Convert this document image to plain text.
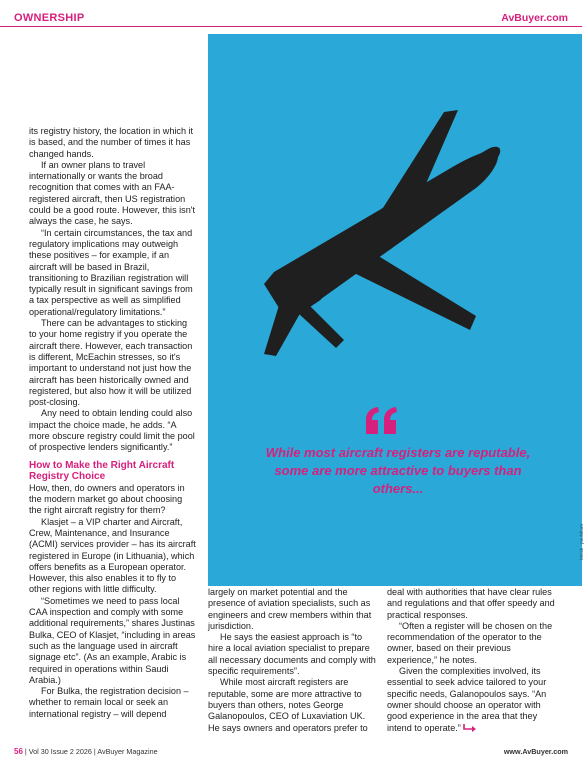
OWNERSHIP	AvBuyer.com
While most aircraft registers are reputable, some are more attractive to buyers than others...
iStock - paulsburn

its registry history, the location in which it is based, and the number of times it has changed hands.

If an owner plans to travel internationally or wants the broad recognition that comes with an FAA-registered aircraft, then US registration could be a good route. However, this isn't always the case, he says.

“In certain circumstances, the tax and regulatory implications may outweigh these positives – for example, if an aircraft will be based in Brazil, transitioning to Brazilian registration will typically result in significant savings from a tax perspective as well as simplified operational/regulatory limitations.”

There can be advantages to sticking to your home registry if you operate the aircraft there. However, each transaction is different, McEachin stresses, so it's important to understand not just how the aircraft has been historically owned and registered, but also how it will be utilized post-closing.

Any need to obtain lending could also impact the choice made, he adds. “A more obscure registry could limit the pool of prospective lenders significantly.”

How to Make the Right Aircraft Registry Choice

How, then, do owners and operators in the modern market go about choosing the right aircraft registry for them?

Klasjet – a VIP charter and Aircraft, Crew, Maintenance, and Insurance (ACMI) services provider – has its aircraft registered in Europe (in Lithuania), which offers benefits as a European operator. However, this also enables it to fly to other regions with little difficulty.

“Sometimes we need to pass local CAA inspection and comply with some additional requirements,” shares Justinas Bulka, CEO of Klasjet, “including in areas such as the language used in aircraft signage etc”. (As an example, Arabic is required in operations within Saudi Arabia.)

For Bulka, the registration decision – whether to remain local or seek an international registry – will depend

largely on market potential and the presence of aviation specialists, such as engineers and crew members within that jurisdiction.

He says the easiest approach is “to hire a local aviation specialist to prepare all necessary documents and comply with specific requirements”.

While most aircraft registers are reputable, some are more attractive to buyers than others, notes George Galanopoulos, CEO of Luxaviation UK. He says owners and operators prefer to

deal with authorities that have clear rules and regulations and that offer speedy and practical responses.

“Often a register will be chosen on the recommendation of the operator to the owner, based on their previous experience,” he notes.

Given the complexities involved, its essential to seek advice tailored to your specific needs, Galanopoulos says. “An owner should choose an operator with good experience in the area that they intend to operate.”

56 | Vol 30 Issue 2 2026 | AvBuyer Magazine	www.AvBuyer.com
